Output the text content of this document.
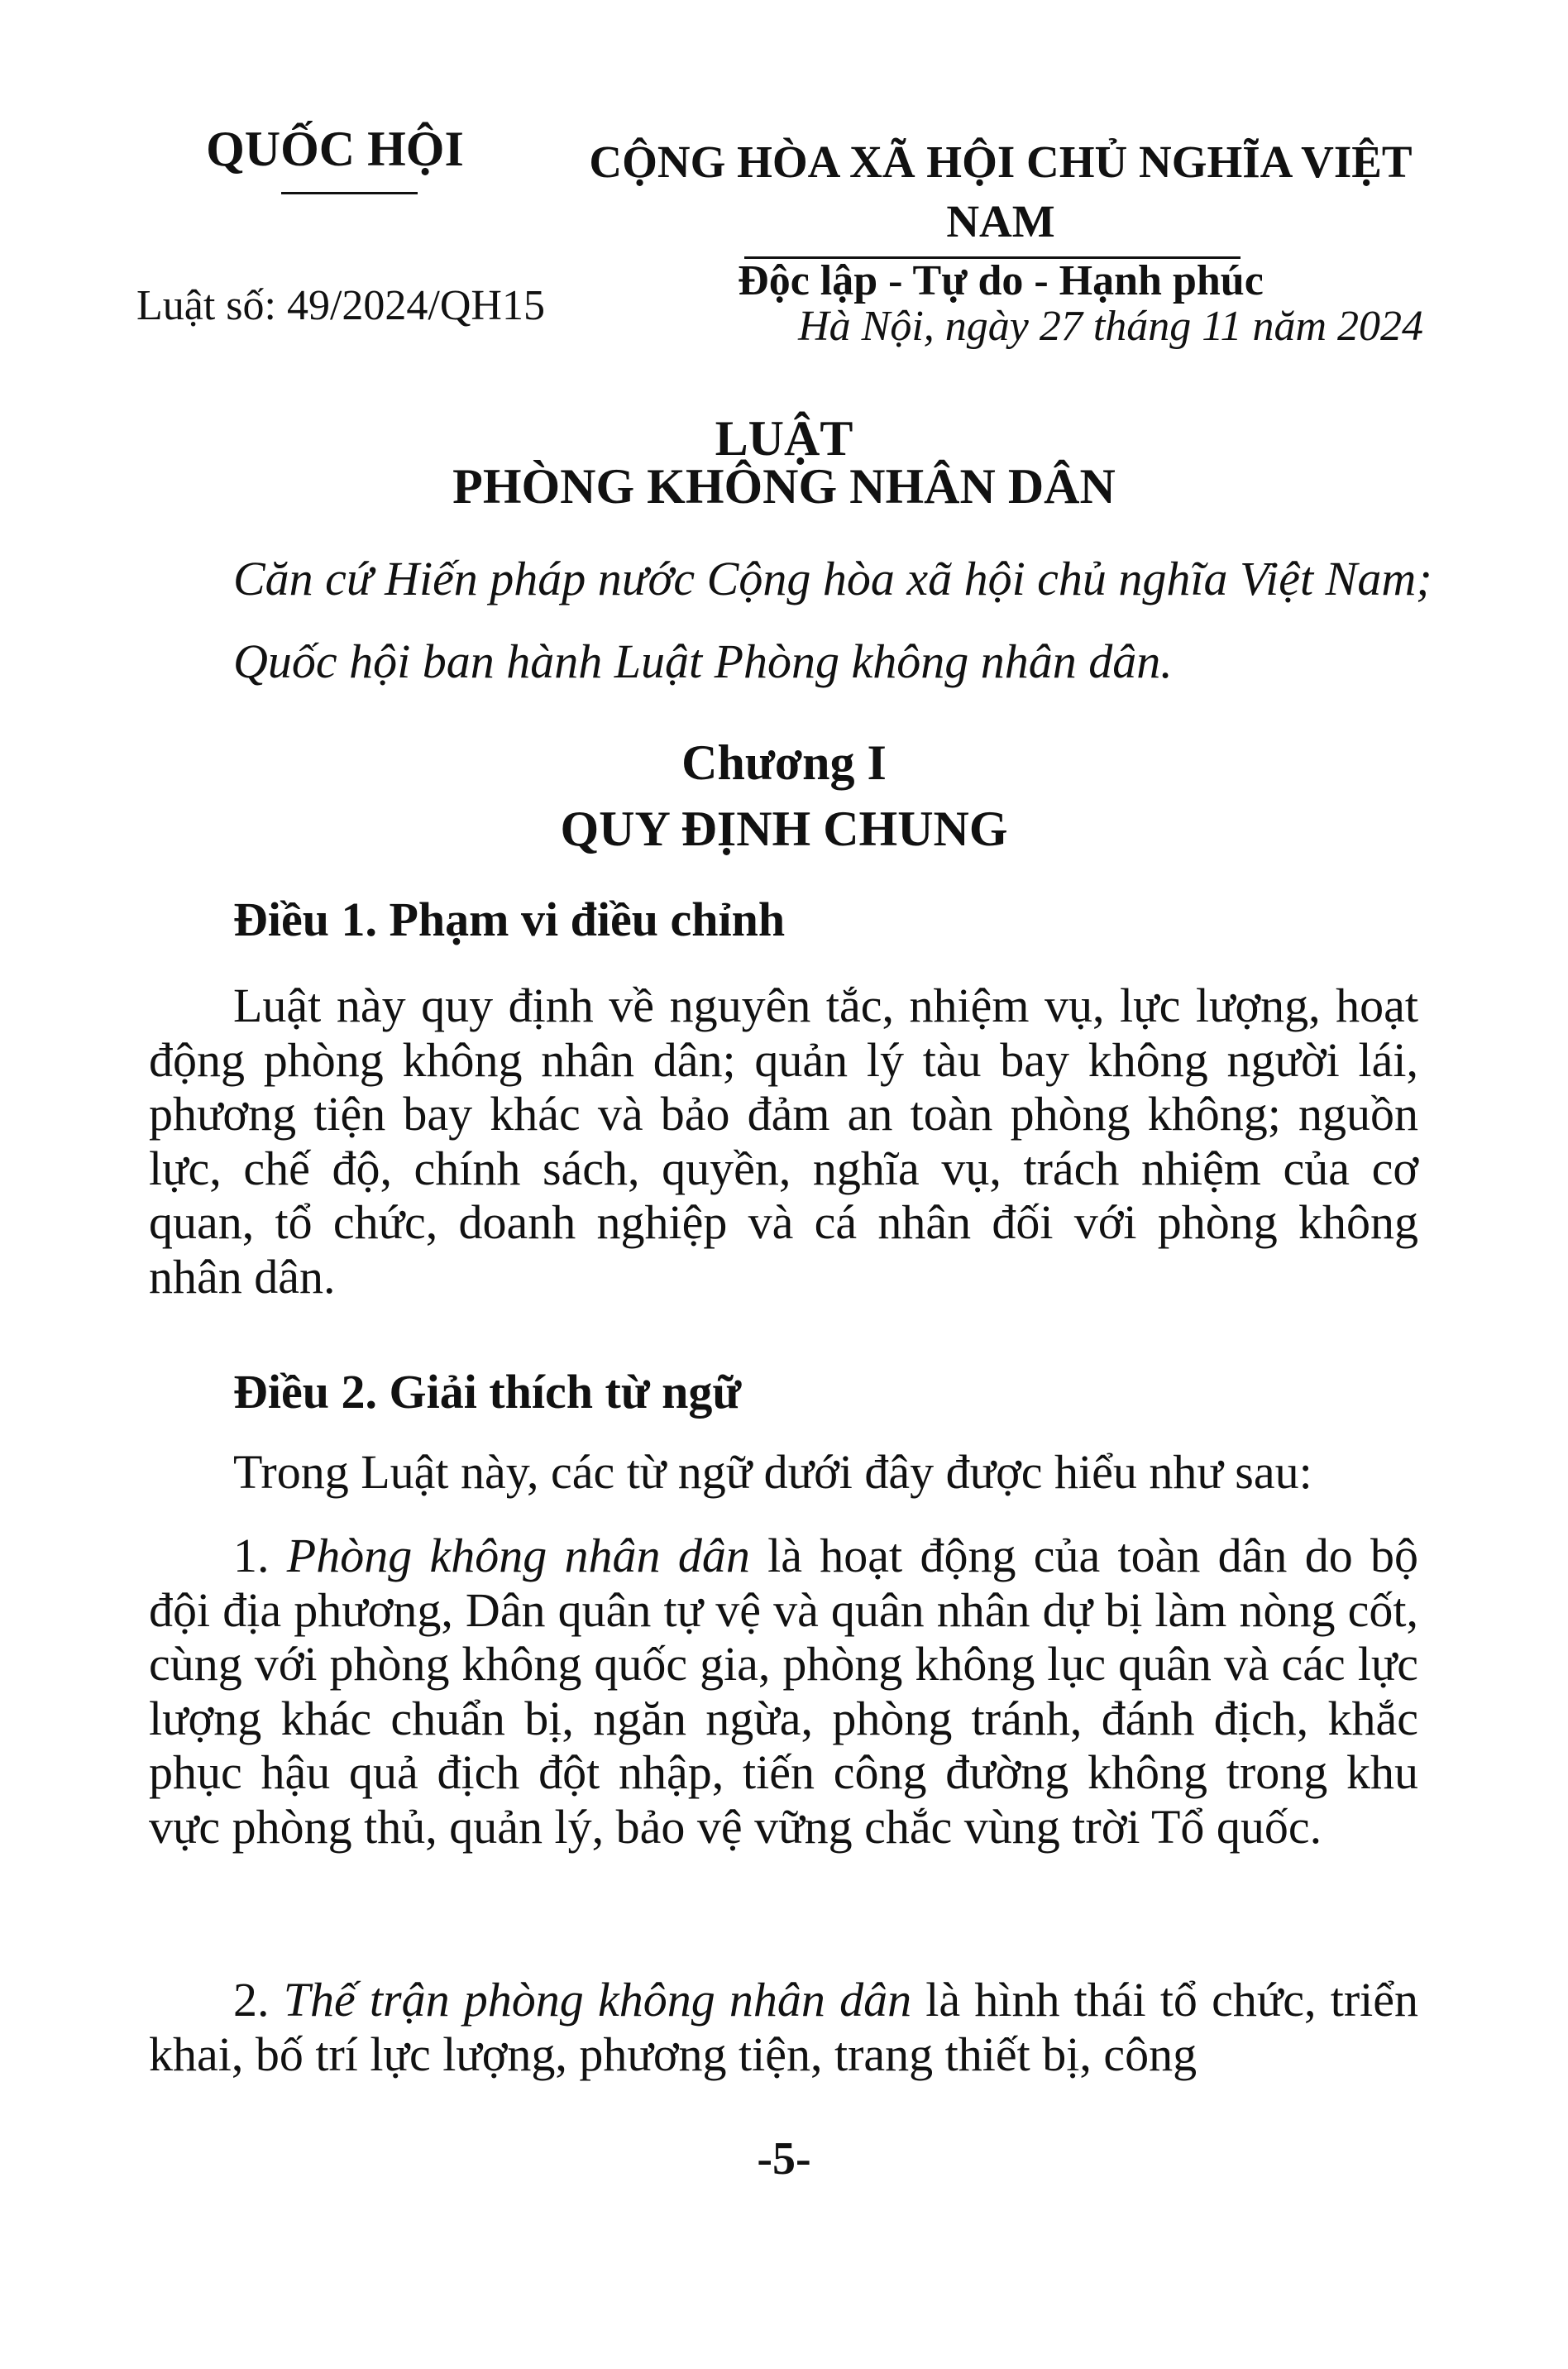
QUỐC HỘI	CỘNG HÒA XÃ HỘI CHỦ NGHĨA VIỆT NAM
Độc lập - Tự do - Hạnh phúc
Luật số: 49/2024/QH15	Hà Nội, ngày 27 tháng 11 năm 2024
LUẬT
PHÒNG KHÔNG NHÂN DÂN
Căn cứ Hiến pháp nước Cộng hòa xã hội chủ nghĩa Việt Nam;
Quốc hội ban hành Luật Phòng không nhân dân.
Chương I
QUY ĐỊNH CHUNG
Điều 1. Phạm vi điều chỉnh
Luật này quy định về nguyên tắc, nhiệm vụ, lực lượng, hoạt động phòng không nhân dân; quản lý tàu bay không người lái, phương tiện bay khác và bảo đảm an toàn phòng không; nguồn lực, chế độ, chính sách, quyền, nghĩa vụ, trách nhiệm của cơ quan, tổ chức, doanh nghiệp và cá nhân đối với phòng không nhân dân.
Điều 2. Giải thích từ ngữ
Trong Luật này, các từ ngữ dưới đây được hiểu như sau:
1. Phòng không nhân dân là hoạt động của toàn dân do bộ đội địa phương, Dân quân tự vệ và quân nhân dự bị làm nòng cốt, cùng với phòng không quốc gia, phòng không lục quân và các lực lượng khác chuẩn bị, ngăn ngừa, phòng tránh, đánh địch, khắc phục hậu quả địch đột nhập, tiến công đường không trong khu vực phòng thủ, quản lý, bảo vệ vững chắc vùng trời Tổ quốc.
2. Thế trận phòng không nhân dân là hình thái tổ chức, triển khai, bố trí lực lượng, phương tiện, trang thiết bị, công
-5-
